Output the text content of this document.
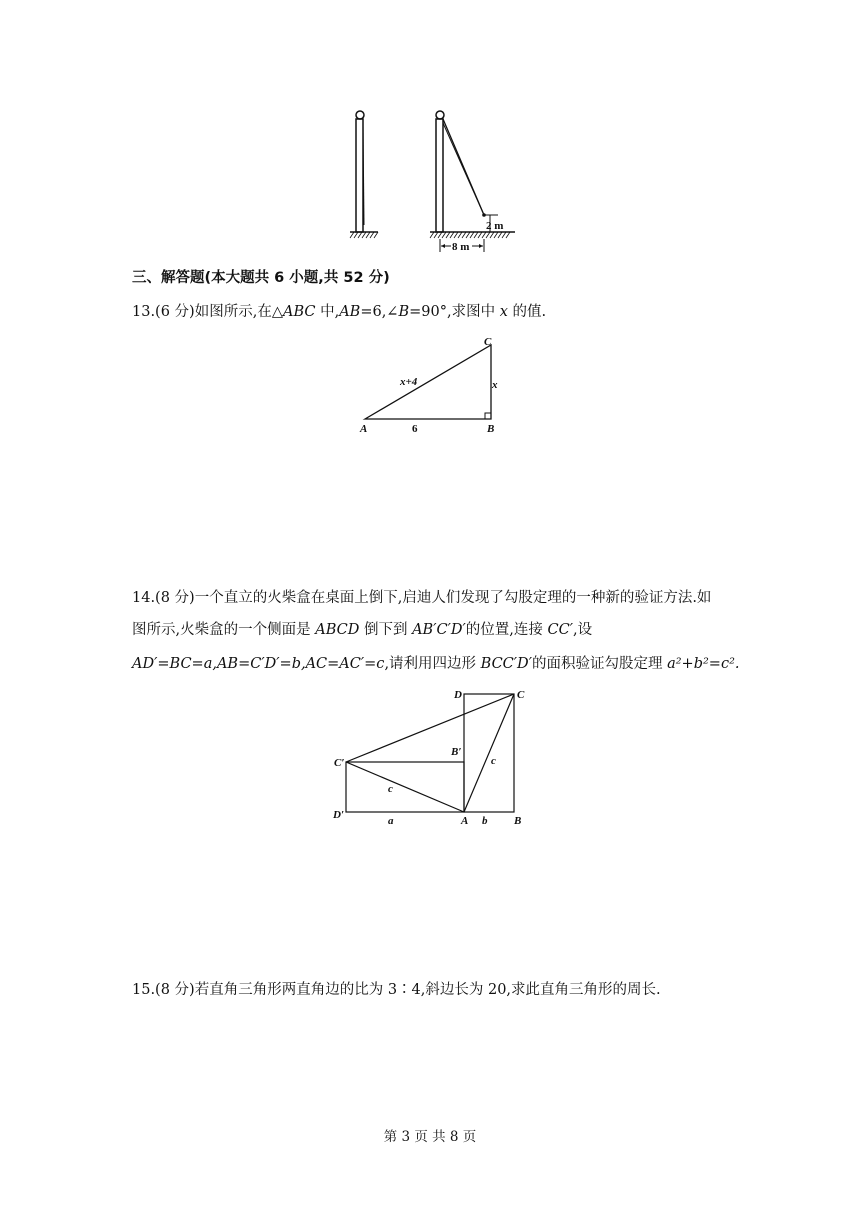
2 m
8 m
三、解答题(本大题共 6 小题,共 52 分)
13.(6 分)如图所示,在△ABC 中,AB=6,∠B=90°,求图中 x 的值.
C
A	B
x+4	x
6
14.(8 分)一个直立的火柴盒在桌面上倒下,启迪人们发现了勾股定理的一种新的验证方法.如
图所示,火柴盒的一个侧面是 ABCD 倒下到 AB′C′D′的位置,连接 CC′,设
AD′=BC=a,AB=C′D′=b,AC=AC′=c,请利用四边形 BCC′D′的面积验证勾股定理 a²+b²=c².
D	C
B′
C′
D′	A	B
a	b
c
c
15.(8 分)若直角三角形两直角边的比为 3∶4,斜边长为 20,求此直角三角形的周长.
第 3 页 共 8 页
